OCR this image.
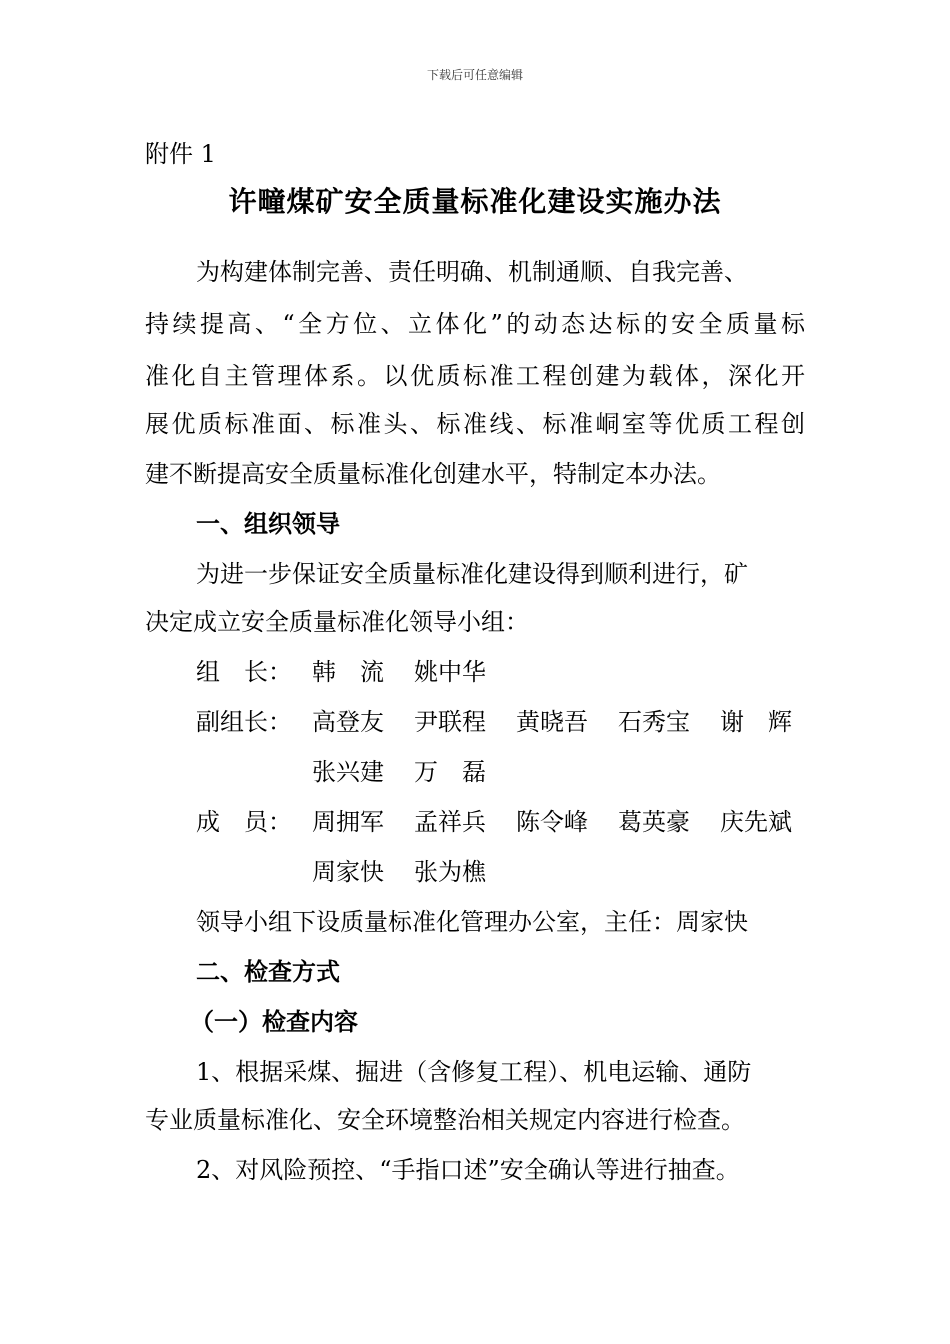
下载后可任意编辑
附件 1
许疃煤矿安全质量标准化建设实施办法
为构建体制完善、责任明确、机制通顺、自我完善、
持续提高、“全方位、立体化”的动态达标的安全质量标
准化自主管理体系。以优质标准工程创建为载体，深化开
展优质标准面、标准头、标准线、标准峒室等优质工程创
建不断提高安全质量标准化创建水平，特制定本办法。
一、组织领导
为进一步保证安全质量标准化建设得到顺利进行，矿
决定成立安全质量标准化领导小组：
组　长： 韩　流 姚中华
副组长： 高登友 尹联程 黄晓吾 石秀宝 谢　辉
张兴建 万　磊
成　员： 周拥军 孟祥兵 陈令峰 葛英豪 庆先斌
周家快 张为樵
领导小组下设质量标准化管理办公室，主任：周家快
二、检查方式
（一）检查内容
1、根据采煤、掘进（含修复工程）、机电运输、通防
专业质量标准化、安全环境整治相关规定内容进行检查。
2、对风险预控、“手指口述”安全确认等进行抽查。
